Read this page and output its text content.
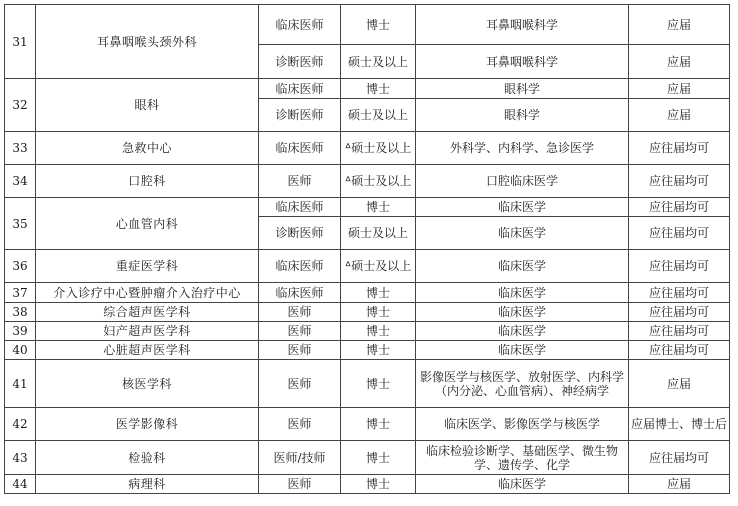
31	耳鼻咽喉头颈外科	临床医师	博士	耳鼻咽喉科学	应届
		诊断医师	硕士及以上	耳鼻咽喉科学	应届
32	眼科	临床医师	博士	眼科学	应届
		诊断医师	硕士及以上	眼科学	应届
33	急救中心	临床医师	ᐞ硕士及以上	外科学、内科学、急诊医学	应往届均可
34	口腔科	医师	ᐞ硕士及以上	口腔临床医学	应往届均可
35	心血管内科	临床医师	博士	临床医学	应往届均可
		诊断医师	硕士及以上	临床医学	应往届均可
36	重症医学科	临床医师	ᐞ硕士及以上	临床医学	应往届均可
37	介入诊疗中心暨肿瘤介入治疗中心	临床医师	博士	临床医学	应往届均可
38	综合超声医学科	医师	博士	临床医学	应往届均可
39	妇产超声医学科	医师	博士	临床医学	应往届均可
40	心脏超声医学科	医师	博士	临床医学	应往届均可
41	核医学科	医师	博士	影像医学与核医学、放射医学、内科学（内分泌、心血管病）、神经病学	应届
42	医学影像科	医师	博士	临床医学、影像医学与核医学	应届博士、博士后
43	检验科	医师/技师	博士	临床检验诊断学、基础医学、微生物学、遗传学、化学	应往届均可
44	病理科	医师	博士	临床医学	应届
